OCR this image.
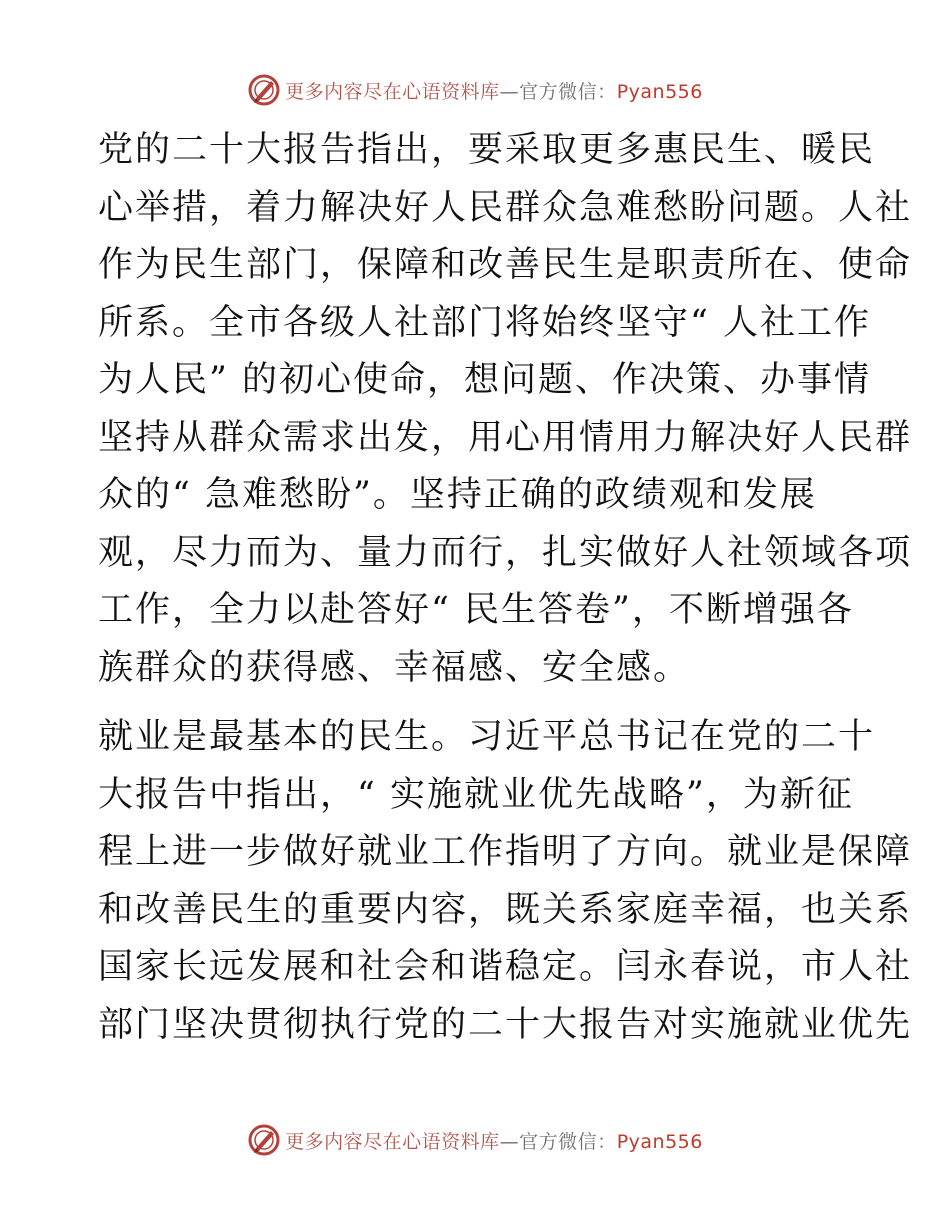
更多内容尽在心语资料库—官方微信：Pyan556
党的二十大报告指出，要采取更多惠民生、暖民
心举措，着力解决好人民群众急难愁盼问题。人社
作为民生部门，保障和改善民生是职责所在、使命
所系。全市各级人社部门将始终坚守“ 人社工作
为人民” 的初心使命，想问题、作决策、办事情
坚持从群众需求出发，用心用情用力解决好人民群
众的“ 急难愁盼”。坚持正确的政绩观和发展
观，尽力而为、量力而行，扎实做好人社领域各项
工作，全力以赴答好“ 民生答卷”，不断增强各
族群众的获得感、幸福感、安全感。
就业是最基本的民生。习近平总书记在党的二十
大报告中指出，“ 实施就业优先战略”，为新征
程上进一步做好就业工作指明了方向。就业是保障
和改善民生的重要内容，既关系家庭幸福，也关系
国家长远发展和社会和谐稳定。闫永春说，市人社
部门坚决贯彻执行党的二十大报告对实施就业优先
更多内容尽在心语资料库—官方微信：Pyan556
